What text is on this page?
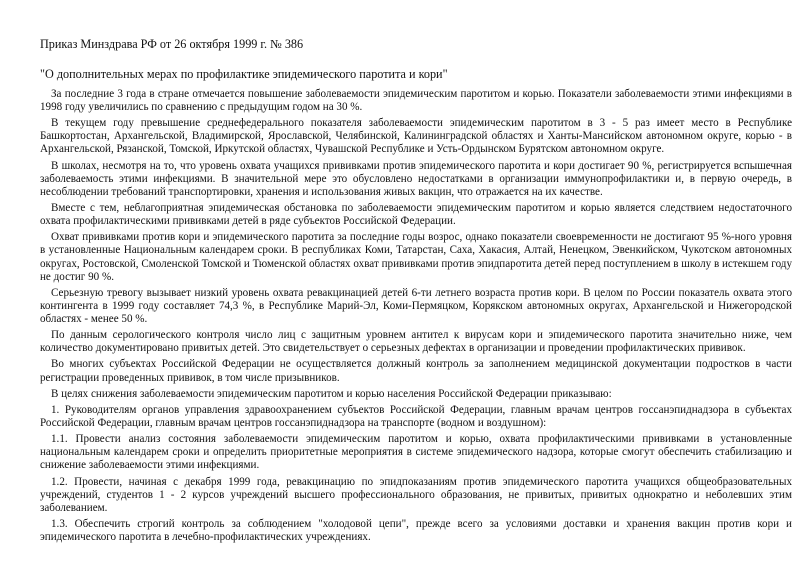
Приказ Минздрава РФ от 26 октября 1999 г. № 386

"О дополнительных мерах по профилактике эпидемического паротита и кори"

За последние 3 года в стране отмечается повышение заболеваемости эпидемическим паротитом и корью. Показатели заболеваемости этими инфекциями в 1998 году увеличились по сравнению с предыдущим годом на 30 %.

В текущем году превышение среднефедерального показателя заболеваемости эпидемическим паротитом в 3 - 5 раз имеет место в Республике Башкортостан, Архангельской, Владимирской, Ярославской, Челябинской, Калининградской областях и Ханты-Мансийском автономном округе, корью - в Архангельской, Рязанской, Томской, Иркутской областях, Чувашской Республике и Усть-Ордынском Бурятском автономном округе.

В школах, несмотря на то, что уровень охвата учащихся прививками против эпидемического паротита и кори достигает 90 %, регистрируется вспышечная заболеваемость этими инфекциями. В значительной мере это обусловлено недостатками в организации иммунопрофилактики и, в первую очередь, в несоблюдении требований транспортировки, хранения и использования живых вакцин, что отражается на их качестве.

Вместе с тем, неблагоприятная эпидемическая обстановка по заболеваемости эпидемическим паротитом и корью является следствием недостаточного охвата профилактическими прививками детей в ряде субъектов Российской Федерации.

Охват прививками против кори и эпидемического паротита за последние годы возрос, однако показатели своевременности не достигают 95 %-ного уровня в установленные Национальным календарем сроки. В республиках Коми, Татарстан, Саха, Хакасия, Алтай, Ненецком, Эвенкийском, Чукотском автономных округах, Ростовской, Смоленской Томской и Тюменской областях охват прививками против эпидпаротита детей перед поступлением в школу в истекшем году не достиг 90 %.

Серьезную тревогу вызывает низкий уровень охвата ревакцинацией детей 6-ти летнего возраста против кори. В целом по России показатель охвата этого контингента в 1999 году составляет 74,3 %, в Республике Марий-Эл, Коми-Пермяцком, Корякском автономных округах, Архангельской и Нижегородской областях - менее 50 %.

По данным серологического контроля число лиц с защитным уровнем антител к вирусам кори и эпидемического паротита значительно ниже, чем количество документировано привитых детей. Это свидетельствует о серьезных дефектах в организации и проведении профилактических прививок.

Во многих субъектах Российской Федерации не осуществляется должный контроль за заполнением медицинской документации подростков в части регистрации проведенных прививок, в том числе призывников.

В целях снижения заболеваемости эпидемическим паротитом и корью населения Российской Федерации приказываю:

1. Руководителям органов управления здравоохранением субъектов Российской Федерации, главным врачам центров госсанэпиднадзора в субъектах Российской Федерации, главным врачам центров госсанэпиднадзора на транспорте (водном и воздушном):

1.1. Провести анализ состояния заболеваемости эпидемическим паротитом и корью, охвата профилактическими прививками в установленные национальным календарем сроки и определить приоритетные мероприятия в системе эпидемического надзора, которые смогут обеспечить стабилизацию и снижение заболеваемости этими инфекциями.

1.2. Провести, начиная с декабря 1999 года, ревакцинацию по эпидпоказаниям против эпидемического паротита учащихся общеобразовательных учреждений, студентов 1 - 2 курсов учреждений высшего профессионального образования, не привитых, привитых однократно и неболевших этим заболеванием.

1.3. Обеспечить строгий контроль за соблюдением "холодовой цепи", прежде всего за условиями доставки и хранения вакцин против кори и эпидемического паротита в лечебно-профилактических учреждениях.
